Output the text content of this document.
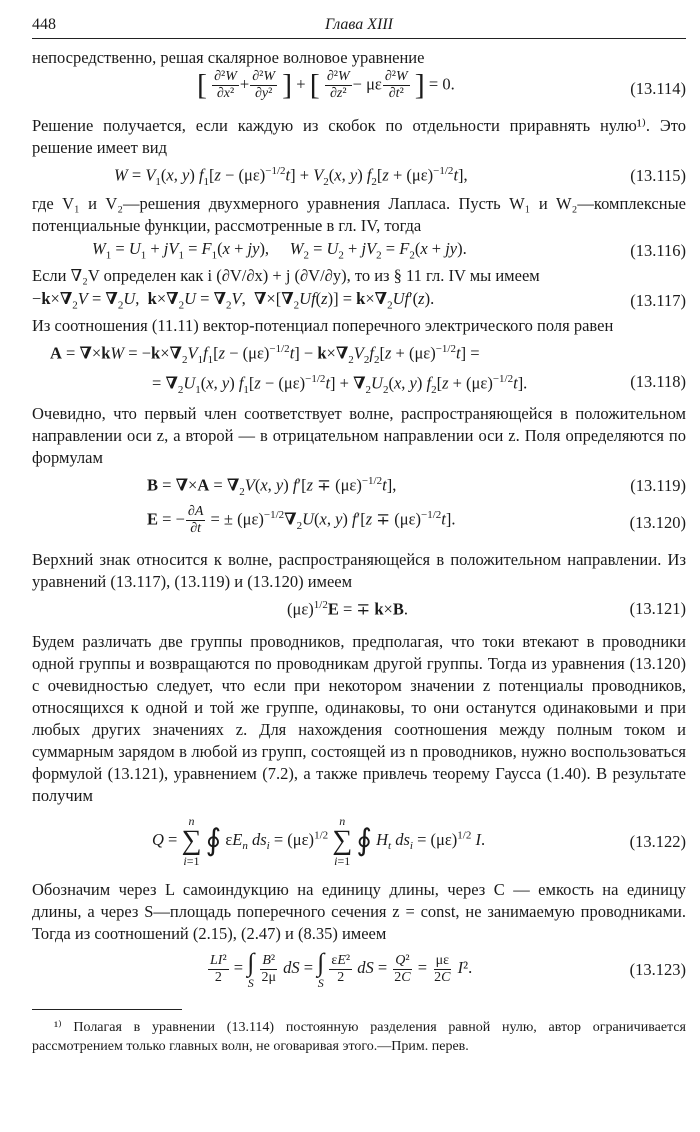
448	Глава XIII

непосредственно, решая скалярное волновое уравнение

[ $\frac{\text{∂²W}}{\text{∂x²}} + \frac{\text{∂²W}}{\text{∂y²}}$ ] + [ $\frac{\text{∂²W}}{\text{∂z²}} - \mu\varepsilon \frac{\text{∂²W}}{\text{∂t²}}$ ] = 0.	(13.114)

Решение получается, если каждую из скобок по отдельности приравнять нулю¹⁾. Это решение имеет вид

$W = V_1(x$, y) $f_1[z - (\mu\varepsilon)^{-1/2}t] + V_2(x$, y) $f_2[z + (\mu\varepsilon)^{-1/2}t]$,	(13.115)

где V₁ и V₂—решения двухмерного уравнения Лапласа. Пусть W₁ и W₂—комплексные потенциальные функции, рассмотренные в гл. IV, тогда

$W_1 = U_1 + jV_1 = F_1(x + jy)$,     $W_2 = U_2 + jV_2 = F_2(x + jy)$.	(13.116)

Если ∇₂V определен как i (∂V/∂x) + j (∂V/∂y), то из § 11 гл. IV мы имеем

$-k\times\nabla_2V = \nabla_2U$,  $k\times\nabla_2U = \nabla_2V$,  $\nabla\times[\nabla_2Uf(z)] = k\times\nabla_2Uf'(z)$.	(13.117)

Из соотношения (11.11) вектор-потенциал поперечного электрического поля равен

$A = \nabla\times kW = -k\times\nabla_2V_1f_1[z - (\mu\varepsilon)^{-1/2}t] - k\times\nabla_2V_2f_2[z + (\mu\varepsilon)^{-1/2}t]$ =
= $\nabla_2U_1(x$, y) $f_1[z - (\mu\varepsilon)^{-1/2}t] + \nabla_2U_2(x$, y) $f_2[z + (\mu\varepsilon)^{-1/2}t]$.	(13.118)

Очевидно, что первый член соответствует волне, распространяющейся в положительном направлении оси z, а второй — в отрицательном направлении оси z. Поля определяются по формулам

$B = \nabla\times A = \nabla_2V(x$, y) $f'[z \mp (\mu\varepsilon)^{-1/2}t]$,	(13.119)
E = − $\frac{\partial A}{\partial t}$ = ± $(\mu\varepsilon)^{-1/2}\nabla_2U(x$, y) $f'[z \mp (\mu\varepsilon)^{-1/2}t]$.	(13.120)

Верхний знак относится к волне, распространяющейся в положительном направлении. Из уравнений (13.117), (13.119) и (13.120) имеем

$(\mu\varepsilon)^{1/2}E$ = ∓ k×B.	(13.121)

Будем различать две группы проводников, предполагая, что токи втекают в проводники одной группы и возвращаются по проводникам другой группы. Тогда из уравнения (13.120) с очевидностью следует, что если при некотором значении z потенциалы проводников, относящихся к одной и той же группе, одинаковы, то они останутся одинаковыми и при любых других значениях z. Для нахождения соотношения между полным током и суммарным зарядом в любой из групп, состоящей из n проводников, нужно воспользоваться формулой (13.121), уравнением (7.2), а также привлечь теорему Гаусса (1.40). В результате получим

Q =
n
∑
i=1
∮ $\varepsilon E_n$ $ds_i = (\mu\varepsilon)^{1/2}$
n
∑
i=1
∮ $H_t$ $ds_i = (\mu\varepsilon)^{1/2}$ I.	(13.122)

Обозначим через L самоиндукцию на единицу длины, через C — емкость на единицу длины, а через S—площадь поперечного сечения z = const, не занимаемую проводниками. Тогда из соотношений (2.15), (2.47) и (8.35) имеем

$\frac{\text{LI²}}{2}$ = ∫
S
$\frac{\text{B²}}{2\mu}$ dS = ∫
S
$\frac{\text{εE²}}{2}$ dS = $\frac{\text{Q²}}{2C} = \frac{\mu\varepsilon}{2C} I^2$.	(13.123)

¹⁾ Полагая в уравнении (13.114) постоянную разделения равной нулю, автор ограничивается рассмотрением только главных волн, не оговаривая этого.—Прим. перев.
